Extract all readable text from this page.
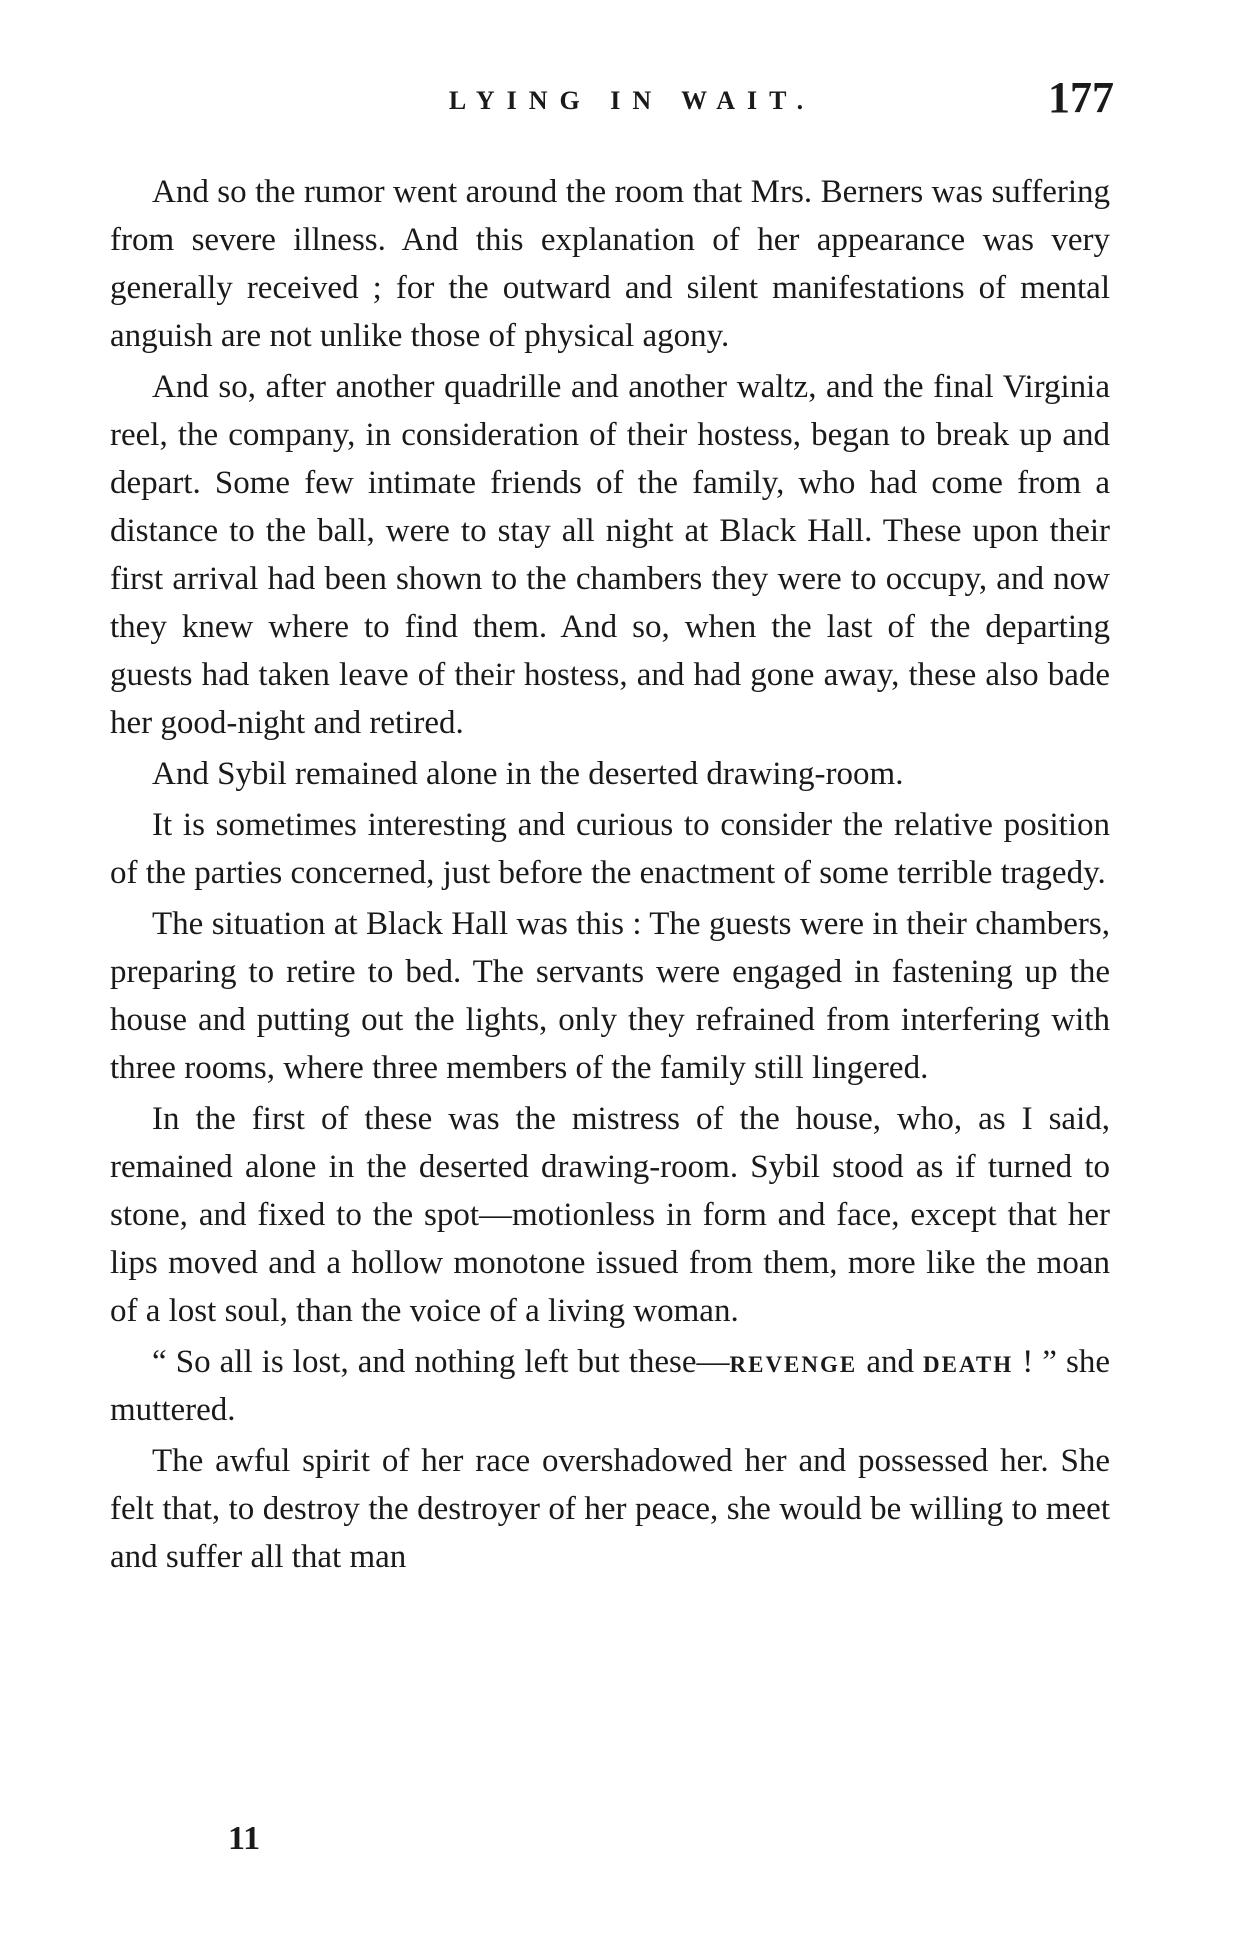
LYING IN WAIT.	177

And so the rumor went around the room that Mrs. Berners was suffering from severe illness. And this explanation of her appearance was very generally received ; for the outward and silent manifestations of mental anguish are not unlike those of physical agony.

And so, after another quadrille and another waltz, and the final Virginia reel, the company, in consideration of their hostess, began to break up and depart. Some few intimate friends of the family, who had come from a distance to the ball, were to stay all night at Black Hall. These upon their first arrival had been shown to the chambers they were to occupy, and now they knew where to find them. And so, when the last of the departing guests had taken leave of their hostess, and had gone away, these also bade her good-night and retired.

And Sybil remained alone in the deserted drawing-room.

It is sometimes interesting and curious to consider the relative position of the parties concerned, just before the enactment of some terrible tragedy.

The situation at Black Hall was this : The guests were in their chambers, preparing to retire to bed. The servants were engaged in fastening up the house and putting out the lights, only they refrained from interfering with three rooms, where three members of the family still lingered.

In the first of these was the mistress of the house, who, as I said, remained alone in the deserted drawing-room. Sybil stood as if turned to stone, and fixed to the spot—motionless in form and face, except that her lips moved and a hollow monotone issued from them, more like the moan of a lost soul, than the voice of a living woman.

“ So all is lost, and nothing left but these—revenge and death ! ” she muttered.

The awful spirit of her race overshadowed her and possessed her. She felt that, to destroy the destroyer of her peace, she would be willing to meet and suffer all that man

11
